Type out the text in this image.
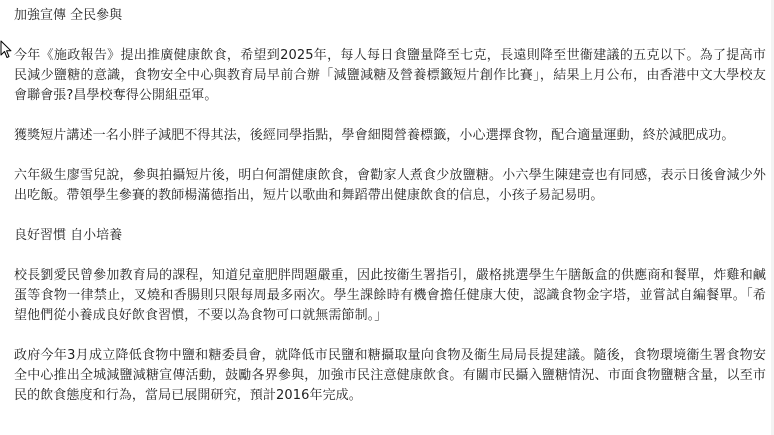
加強宣傳 全民參與

今年《施政報告》提出推廣健康飲食，希望到2025年，每人每日食鹽量降至七克，長遠則降至世衞建議的五克以下。為了提高市民減少鹽糖的意識，食物安全中心與教育局早前合辦「減鹽減糖及營養標籤短片創作比賽」，結果上月公布，由香港中文大學校友會聯會張?昌學校奪得公開組亞軍。

獲獎短片講述一名小胖子減肥不得其法，後經同學指點，學會細閱營養標籤，小心選擇食物，配合適量運動，終於減肥成功。

六年級生廖雪兒說，參與拍攝短片後，明白何謂健康飲食，會勸家人煮食少放鹽糖。小六學生陳建壹也有同感，表示日後會減少外出吃飯。帶領學生參賽的教師楊滿德指出，短片以歌曲和舞蹈帶出健康飲食的信息，小孩子易記易明。

良好習慣 自小培養

校長劉愛民曾參加教育局的課程，知道兒童肥胖問題嚴重，因此按衞生署指引，嚴格挑選學生午膳飯盒的供應商和餐單，炸雞和鹹蛋等食物一律禁止，叉燒和香腸則只限每周最多兩次。學生課餘時有機會擔任健康大使，認識食物金字塔，並嘗試自編餐單。「希望他們從小養成良好飲食習慣，不要以為食物可口就無需節制。」

政府今年3月成立降低食物中鹽和糖委員會，就降低市民鹽和糖攝取量向食物及衞生局局長提建議。隨後，食物環境衞生署食物安全中心推出全城減鹽減糖宣傳活動，鼓勵各界參與，加強市民注意健康飲食。有關市民攝入鹽糖情況、市面食物鹽糖含量，以至市民的飲食態度和行為，當局已展開研究，預計2016年完成。
